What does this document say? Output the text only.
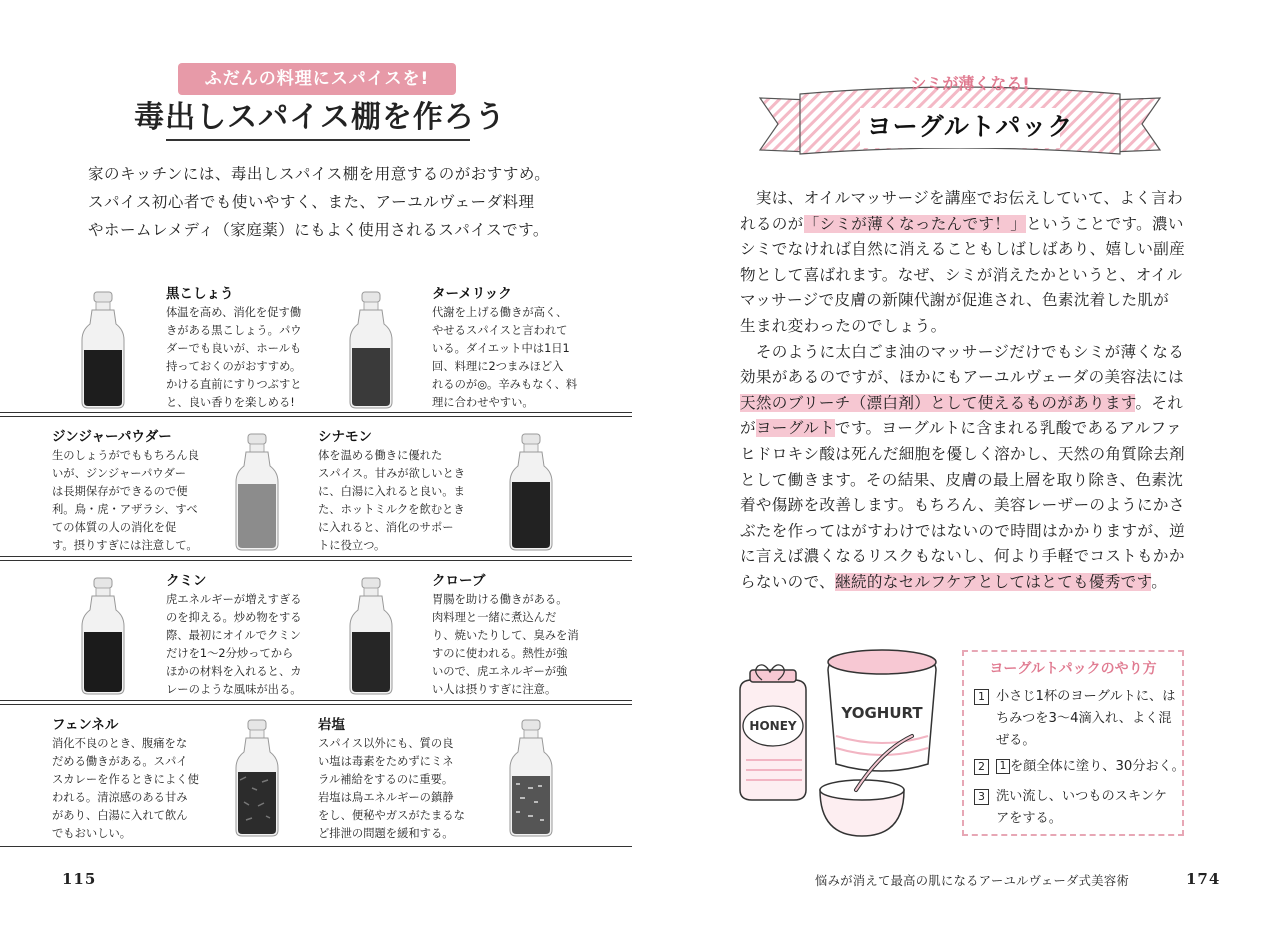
ふだんの料理にスパイスを!
毒出しスパイス棚を作ろう

家のキッチンには、毒出しスパイス棚を用意するのがおすすめ。

スパイス初心者でも使いやすく、また、アーユルヴェーダ料理

やホームレメディ（家庭薬）にもよく使用されるスパイスです。

黒こしょう

体温を高め、消化を促す働

きがある黒こしょう。パウ

ダーでも良いが、ホールも

持っておくのがおすすめ。

かける直前にすりつぶすと

と、良い香りを楽しめる!

ターメリック

代謝を上げる働きが高く、

やせるスパイスと言われて

いる。ダイエット中は1日1

回、料理に2つまみほど入

れるのが◎。辛みもなく、料

理に合わせやすい。

ジンジャーパウダー

生のしょうがでももちろん良

いが、ジンジャーパウダー

は長期保存ができるので便

利。鳥・虎・アザラシ、すべ

ての体質の人の消化を促

す。摂りすぎには注意して。

シナモン

体を温める働きに優れた

スパイス。甘みが欲しいとき

に、白湯に入れると良い。ま

た、ホットミルクを飲むとき

に入れると、消化のサポー

トに役立つ。

クミン

虎エネルギーが増えすぎる

のを抑える。炒め物をする

際、最初にオイルでクミン

だけを1〜2分炒ってから

ほかの材料を入れると、カ

レーのような風味が出る。

クローブ

胃腸を助ける働きがある。

肉料理と一緒に煮込んだ

り、焼いたりして、臭みを消

すのに使われる。熱性が強

いので、虎エネルギーが強

い人は摂りすぎに注意。

フェンネル

消化不良のとき、腹痛をな

だめる働きがある。スパイ

スカレーを作るときによく使

われる。清涼感のある甘み

があり、白湯に入れて飲ん

でもおいしい。

岩塩

スパイス以外にも、質の良

い塩は毒素をためずにミネ

ラル補給をするのに重要。

岩塩は鳥エネルギーの鎮静

をし、便秘やガスがたまるな

ど排泄の問題を緩和する。

115
シミが薄くなる!
ヨーグルトパック

　実は、オイルマッサージを講座でお伝えしていて、よく言わ

れるのが「シミが薄くなったんです！」ということです。濃い

シミでなければ自然に消えることもしばしばあり、嬉しい副産

物として喜ばれます。なぜ、シミが消えたかというと、オイル

マッサージで皮膚の新陳代謝が促進され、色素沈着した肌が

生まれ変わったのでしょう。

　そのように太白ごま油のマッサージだけでもシミが薄くなる

効果があるのですが、ほかにもアーユルヴェーダの美容法には

天然のブリーチ（漂白剤）として使えるものがあります。それ

がヨーグルトです。ヨーグルトに含まれる乳酸であるアルファ

ヒドロキシ酸は死んだ細胞を優しく溶かし、天然の角質除去剤

として働きます。その結果、皮膚の最上層を取り除き、色素沈

着や傷跡を改善します。もちろん、美容レーザーのようにかさ

ぶたを作ってはがすわけではないので時間はかかりますが、逆

に言えば濃くなるリスクもないし、何より手軽でコストもかか

らないので、継続的なセルフケアとしてはとても優秀です。

HONEY
YOGHURT
ヨーグルトパックのやり方
1 小さじ1杯のヨーグルトに、は

ちみつを3〜4滴入れ、よく混

ぜる。

2	1 を顔全体に塗り、30分おく。

3 洗い流し、いつものスキンケ

アをする。

悩みが消えて最高の肌になるアーユルヴェーダ式美容術	174
